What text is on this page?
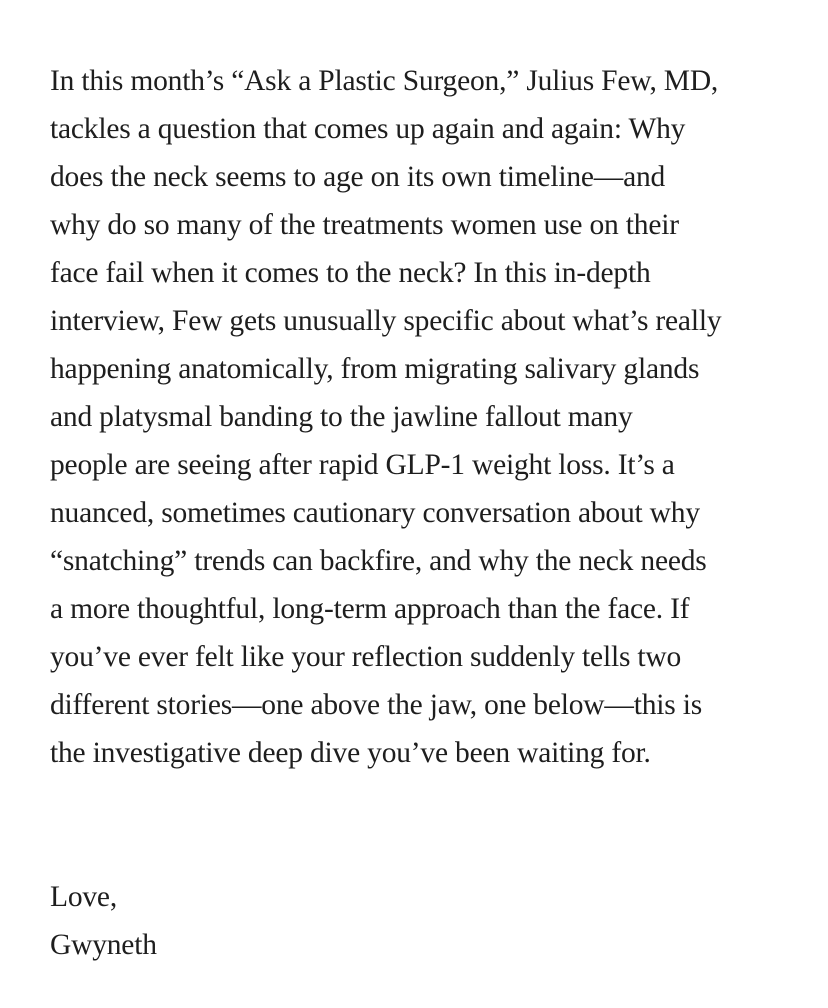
In this month’s “Ask a Plastic Surgeon,” Julius Few, MD,
tackles a question that comes up again and again: Why
does the neck seems to age on its own timeline—and
why do so many of the treatments women use on their
face fail when it comes to the neck? In this in-depth
interview, Few gets unusually specific about what’s really
happening anatomically, from migrating salivary glands
and platysmal banding to the jawline fallout many
people are seeing after rapid GLP-1 weight loss. It’s a
nuanced, sometimes cautionary conversation about why
“snatching” trends can backfire, and why the neck needs
a more thoughtful, long-term approach than the face. If
you’ve ever felt like your reflection suddenly tells two
different stories—one above the jaw, one below—this is
the investigative deep dive you’ve been waiting for.

Love,
Gwyneth
